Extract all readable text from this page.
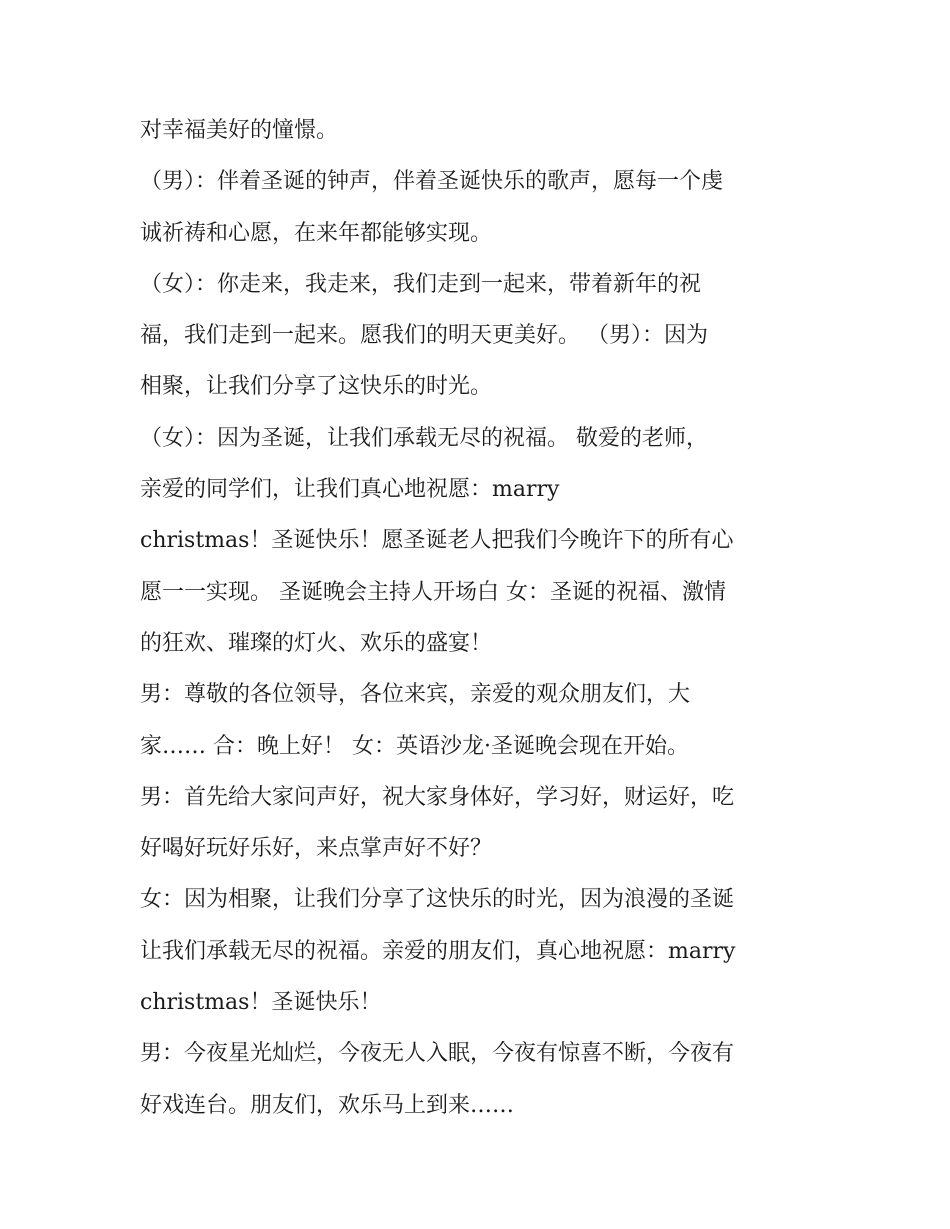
对幸福美好的憧憬。
（男）：伴着圣诞的钟声，伴着圣诞快乐的歌声，愿每一个虔
诚祈祷和心愿，在来年都能够实现。
（女）：你走来，我走来，我们走到一起来，带着新年的祝
福，我们走到一起来。愿我们的明天更美好。 （男）：因为
相聚，让我们分享了这快乐的时光。
（女）：因为圣诞，让我们承载无尽的祝福。 敬爱的老师，
亲爱的同学们，让我们真心地祝愿：marry
christmas！圣诞快乐！愿圣诞老人把我们今晚许下的所有心
愿一一实现。 圣诞晚会主持人开场白 女：圣诞的祝福、激情
的狂欢、璀璨的灯火、欢乐的盛宴！
男：尊敬的各位领导，各位来宾，亲爱的观众朋友们，大
家…… 合：晚上好！ 女：英语沙龙·圣诞晚会现在开始。
男：首先给大家问声好，祝大家身体好，学习好，财运好，吃
好喝好玩好乐好，来点掌声好不好？
女：因为相聚，让我们分享了这快乐的时光，因为浪漫的圣诞
让我们承载无尽的祝福。亲爱的朋友们，真心地祝愿：marry
christmas！圣诞快乐！
男：今夜星光灿烂，今夜无人入眠，今夜有惊喜不断，今夜有
好戏连台。朋友们，欢乐马上到来……
